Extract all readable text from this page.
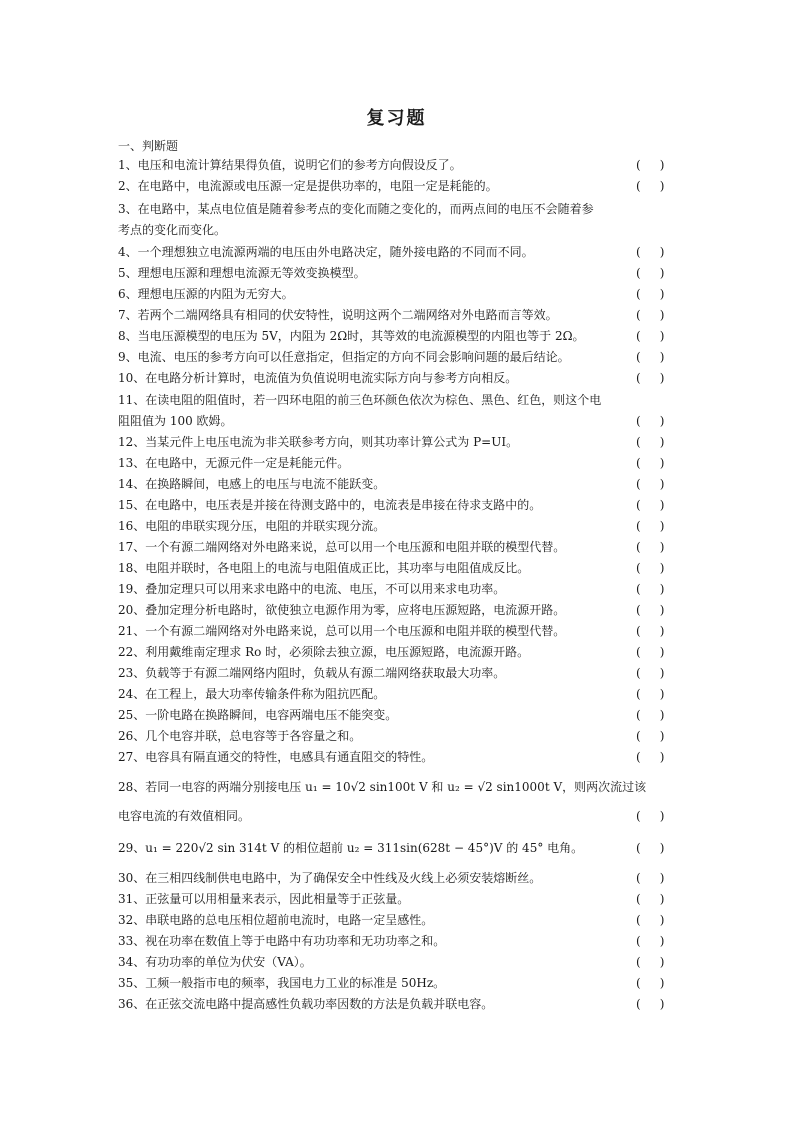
复习题
一、判断题
1、电压和电流计算结果得负值，说明它们的参考方向假设反了。	(     )
2、在电路中，电流源或电压源一定是提供功率的，电阻一定是耗能的。	(     )
3、在电路中，某点电位值是随着参考点的变化而随之变化的，而两点间的电压不会随着参
考点的变化而变化。
4、一个理想独立电流源两端的电压由外电路决定，随外接电路的不同而不同。	(     )
5、理想电压源和理想电流源无等效变换模型。	(     )
6、理想电压源的内阻为无穷大。	(     )
7、若两个二端网络具有相同的伏安特性，说明这两个二端网络对外电路而言等效。	(     )
8、当电压源模型的电压为 5V，内阻为 2Ω时，其等效的电流源模型的内阻也等于 2Ω。	(     )
9、电流、电压的参考方向可以任意指定，但指定的方向不同会影响问题的最后结论。	(     )
10、在电路分析计算时，电流值为负值说明电流实际方向与参考方向相反。	(     )
11、在读电阻的阻值时，若一四环电阻的前三色环颜色依次为棕色、黑色、红色，则这个电
阻阻值为 100 欧姆。	(     )
12、当某元件上电压电流为非关联参考方向，则其功率计算公式为 P=UI。	(     )
13、在电路中，无源元件一定是耗能元件。	(     )
14、在换路瞬间，电感上的电压与电流不能跃变。	(     )
15、在电路中，电压表是并接在待测支路中的，电流表是串接在待求支路中的。	(     )
16、电阻的串联实现分压，电阻的并联实现分流。	(     )
17、一个有源二端网络对外电路来说，总可以用一个电压源和电阻并联的模型代替。	(     )
18、电阻并联时，各电阻上的电流与电阻值成正比，其功率与电阻值成反比。	(     )
19、叠加定理只可以用来求电路中的电流、电压，不可以用来求电功率。	(     )
20、叠加定理分析电路时，欲使独立电源作用为零，应将电压源短路，电流源开路。	(     )
21、一个有源二端网络对外电路来说，总可以用一个电压源和电阻并联的模型代替。	(     )
22、利用戴维南定理求 Ro 时，必须除去独立源，电压源短路，电流源开路。	(     )
23、负载等于有源二端网络内阻时，负载从有源二端网络获取最大功率。	(     )
24、在工程上，最大功率传输条件称为阻抗匹配。	(     )
25、一阶电路在换路瞬间，电容两端电压不能突变。	(     )
26、几个电容并联，总电容等于各容量之和。	(     )
27、电容具有隔直通交的特性，电感具有通直阻交的特性。	(     )
28、若同一电容的两端分别接电压 u₁ = 10√2 sin100t V 和 u₂ = √2 sin1000t V，则两次流过该
电容电流的有效值相同。	(     )
29、u₁ = 220√2 sin 314t V 的相位超前 u₂ = 311sin(628t − 45°)V 的 45° 电角。	(     )
30、在三相四线制供电电路中，为了确保安全中性线及火线上必须安装熔断丝。	(     )
31、正弦量可以用相量来表示，因此相量等于正弦量。	(     )
32、串联电路的总电压相位超前电流时，电路一定呈感性。	(     )
33、视在功率在数值上等于电路中有功功率和无功功率之和。	(     )
34、有功功率的单位为伏安（VA）。	(     )
35、工频一般指市电的频率，我国电力工业的标准是 50Hz。	(     )
36、在正弦交流电路中提高感性负载功率因数的方法是负载并联电容。	(     )
